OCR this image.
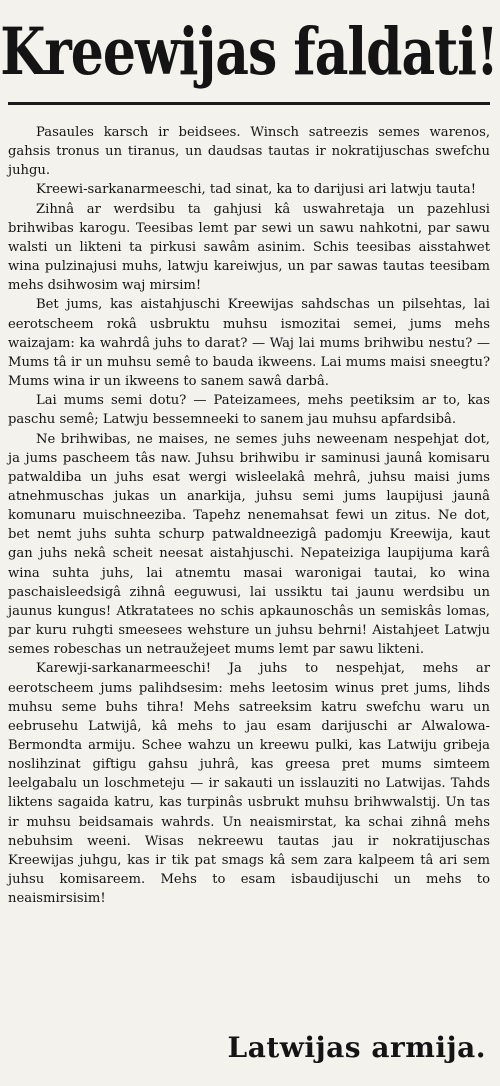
Kreewijas faldati!

Pasaules karsch ir beidsees. Winsch satreezis semes warenos, gahsis tronus un tiranus, un daudsas tautas ir nokratijuschas swefchu juhgu.

Kreewi-sarkanarmeeschi, tad sinat, ka to darijusi ari latwju tauta!

Zihnâ ar werdsibu ta gahjusi kâ uswahretaja un pazehlusi brihwibas karogu. Teesibas lemt par sewi un sawu nahkotni, par sawu walsti un likteni ta pirkusi sawâm asinim. Schis teesibas aisstahwet wina pulzinajusi muhs, latwju kareiwjus, un par sawas tautas teesibam mehs dsihwosim waj mirsim!

Bet jums, kas aistahjuschi Kreewijas sahdschas un pilsehtas, lai eerotscheem rokâ usbruktu muhsu ismozitai semei, jums mehs waizajam: ka wahrdâ juhs to darat? — Waj lai mums brihwibu nestu? — Mums tâ ir un muhsu semê to bauda ikweens. Lai mums maisi sneegtu? Mums wina ir un ikweens to sanem sawâ darbâ.

Lai mums semi dotu? — Pateizamees, mehs peetiksim ar to, kas paschu semê; Latwju bessemneeki to sanem jau muhsu apfardsibâ.

Ne brihwibas, ne maises, ne semes juhs neweenam nespehjat dot, ja jums pascheem tâs naw. Juhsu brihwibu ir saminusi jaunâ komisaru patwaldiba un juhs esat wergi wisleelakâ mehrâ, juhsu maisi jums atnehmuschas jukas un anarkija, juhsu semi jums laupijusi jaunâ komunaru muischneeziba. Tapehz nenemahsat fewi un zitus. Ne dot, bet nemt juhs suhta schurp patwaldneezigâ padomju Kreewija, kaut gan juhs nekâ scheit neesat aistahjuschi. Nepateiziga laupijuma karâ wina suhta juhs, lai atnemtu masai waronigai tautai, ko wina paschaisleedsigâ zihnâ eeguwusi, lai ussiktu tai jaunu werdsibu un jaunus kungus! Atkratatees no schis apkaunoschâs un semiskâs lomas, par kuru ruhgti smeesees wehsture un juhsu behrni! Aistahjeet Latwju semes robeschas un netraužejeet mums lemt par sawu likteni.

Karewji-sarkanarmeeschi! Ja juhs to nespehjat, mehs ar eerotscheem jums palihdsesim: mehs leetosim winus pret jums, lihds muhsu seme buhs tihra! Mehs satreeksim katru swefchu waru un eebrusehu Latwijâ, kâ mehs to jau esam darijuschi ar Alwalowa-Bermondta armiju. Schee wahzu un kreewu pulki, kas Latwiju gribeja noslihzinat giftigu gahsu juhrâ, kas greesa pret mums simteem leelgabalu un loschmeteju — ir sakauti un isslauziti no Latwijas. Tahds liktens sagaida katru, kas turpinâs usbrukt muhsu brihwwalstij. Un tas ir muhsu beidsamais wahrds. Un neaismirstat, ka schai zihnâ mehs nebuhsim weeni. Wisas nekreewu tautas jau ir nokratijuschas Kreewijas juhgu, kas ir tik pat smags kâ sem zara kalpeem tâ ari sem juhsu komisareem. Mehs to esam isbaudijuschi un mehs to neaismirsisim!

Latwijas armija.
